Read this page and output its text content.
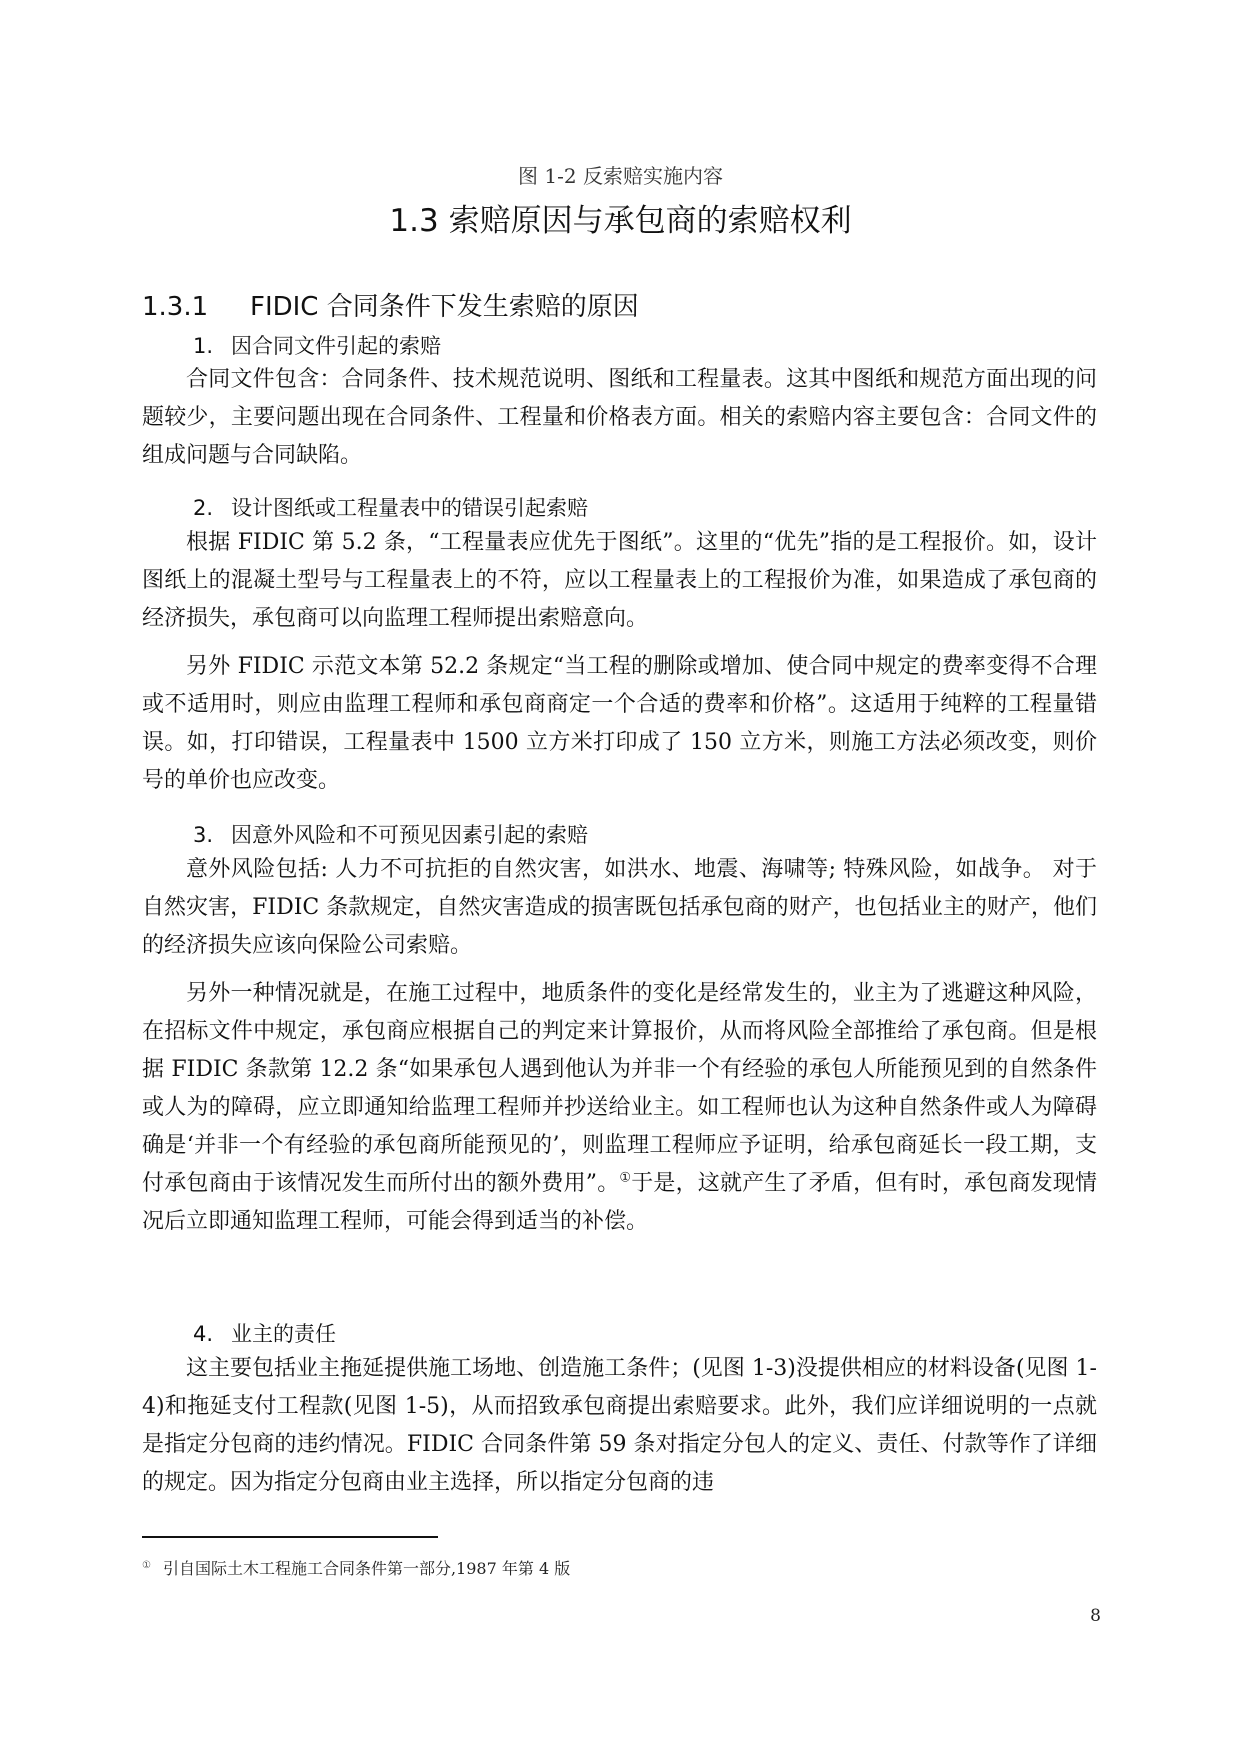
图 1-2 反索赔实施内容
1.3 索赔原因与承包商的索赔权利
1.3.1 FIDIC 合同条件下发生索赔的原因
1. 因合同文件引起的索赔

合同文件包含：合同条件、技术规范说明、图纸和工程量表。这其中图纸和规范方面出现的问题较少，主要问题出现在合同条件、工程量和价格表方面。相关的索赔内容主要包含：合同文件的组成问题与合同缺陷。

2. 设计图纸或工程量表中的错误引起索赔

根据 FIDIC 第 5.2 条，“工程量表应优先于图纸”。这里的“优先”指的是工程报价。如，设计图纸上的混凝土型号与工程量表上的不符，应以工程量表上的工程报价为准，如果造成了承包商的经济损失，承包商可以向监理工程师提出索赔意向。

另外 FIDIC 示范文本第 52.2 条规定“当工程的删除或增加、使合同中规定的费率变得不合理或不适用时，则应由监理工程师和承包商商定一个合适的费率和价格”。这适用于纯粹的工程量错误。如，打印错误，工程量表中 1500 立方米打印成了 150 立方米，则施工方法必须改变，则价号的单价也应改变。

3. 因意外风险和不可预见因素引起的索赔

意外风险包括: 人力不可抗拒的自然灾害，如洪水、地震、海啸等; 特殊风险，如战争。 对于自然灾害，FIDIC 条款规定，自然灾害造成的损害既包括承包商的财产，也包括业主的财产，他们的经济损失应该向保险公司索赔。

另外一种情况就是，在施工过程中，地质条件的变化是经常发生的，业主为了逃避这种风险，在招标文件中规定，承包商应根据自己的判定来计算报价，从而将风险全部推给了承包商。但是根据 FIDIC 条款第 12.2 条“如果承包人遇到他认为并非一个有经验的承包人所能预见到的自然条件或人为的障碍，应立即通知给监理工程师并抄送给业主。如工程师也认为这种自然条件或人为障碍确是‘并非一个有经验的承包商所能预见的’，则监理工程师应予证明，给承包商延长一段工期，支付承包商由于该情况发生而所付出的额外费用”。①于是，这就产生了矛盾，但有时，承包商发现情况后立即通知监理工程师，可能会得到适当的补偿。

4. 业主的责任

这主要包括业主拖延提供施工场地、创造施工条件；(见图 1-3)没提供相应的材料设备(见图 1-4)和拖延支付工程款(见图 1-5)，从而招致承包商提出索赔要求。此外，我们应详细说明的一点就是指定分包商的违约情况。FIDIC 合同条件第 59 条对指定分包人的定义、责任、付款等作了详细的规定。因为指定分包商由业主选择，所以指定分包商的违

① 引自国际土木工程施工合同条件第一部分,1987 年第 4 版
8
